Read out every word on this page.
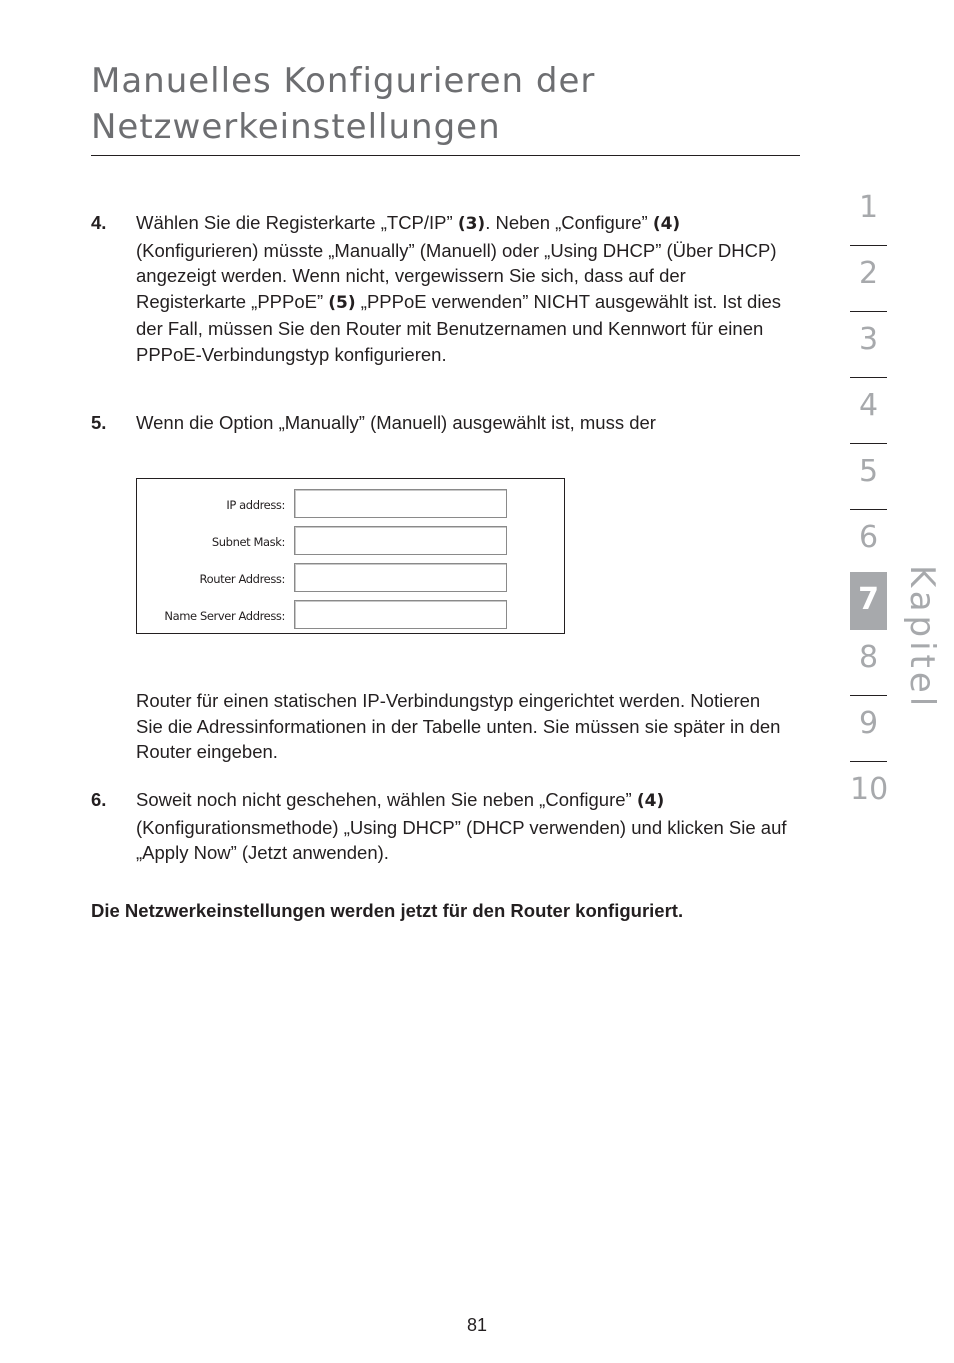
Manuelles Konfigurieren der
Netzwerkeinstellungen
4. Wählen Sie die Registerkarte „TCP/IP” (3). Neben „Configure” (4)(Konfigurieren) müsste „Manually” (Manuell) oder „Using DHCP” (Über DHCP) angezeigt werden. Wenn nicht, vergewissern Sie sich, dass auf der Registerkarte „PPPoE” (5) „PPPoE verwenden” NICHT ausgewählt ist. Ist dies der Fall, müssen Sie den Router mit Benutzernamen und Kennwort für einen PPPoE-Verbindungstyp konfigurieren.
5. Wenn die Option „Manually” (Manuell) ausgewählt ist, muss der
IP address:
Subnet Mask:
Router Address:
Name Server Address:
Router für einen statischen IP-Verbindungstyp eingerichtet werden. Notieren Sie die Adressinformationen in der Tabelle unten. Sie müssen sie später in den Router eingeben.
6. Soweit noch nicht geschehen, wählen Sie neben „Configure” (4) (Konfigurationsmethode) „Using DHCP” (DHCP verwenden) und klicken Sie auf „Apply Now” (Jetzt anwenden).
Die Netzwerkeinstellungen werden jetzt für den Router konfiguriert.
81
1
2
3
4
5
6
7
8
9
10
Kapitel
